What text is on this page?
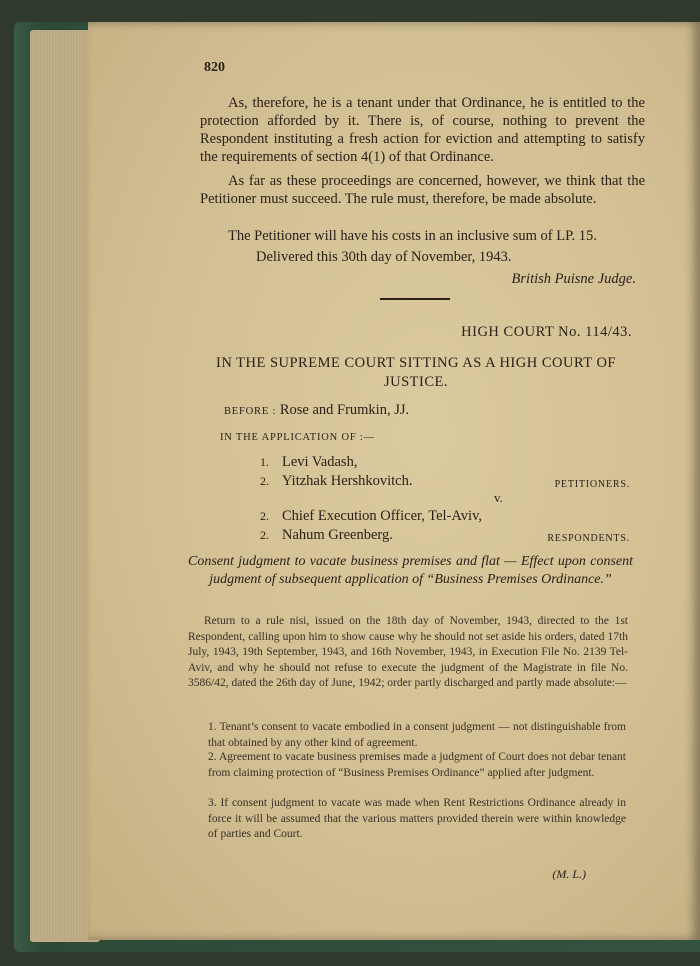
820

As, therefore, he is a tenant under that Ordinance, he is entitled to the protection afforded by it. There is, of course, nothing to prevent the Respondent instituting a fresh action for eviction and attempting to satisfy the requirements of section 4(1) of that Ordinance.

As far as these proceedings are concerned, however, we think that the Petitioner must succeed. The rule must, therefore, be made absolute.

The Petitioner will have his costs in an inclusive sum of LP. 15.

Delivered this 30th day of November, 1943.

British Puisne Judge.
HIGH COURT No. 114/43.
IN THE SUPREME COURT SITTING AS A HIGH COURT OF JUSTICE.
BEFORE : Rose and Frumkin, JJ.
IN THE APPLICATION OF :—
1. Levi Vadash,
2. Yitzhak Hershkovitch.	PETITIONERS.
v.
2. Chief Execution Officer, Tel-Aviv,
2. Nahum Greenberg.	RESPONDENTS.

Consent judgment to vacate business premises and flat — Effect upon consent judgment of subsequent application of “Business Premises Ordinance.”

Return to a rule nisi, issued on the 18th day of November, 1943, directed to the 1st Respondent, calling upon him to show cause why he should not set aside his orders, dated 17th July, 1943, 19th September, 1943, and 16th November, 1943, in Execution File No. 2139 Tel-Aviv, and why he should not refuse to execute the judgment of the Magistrate in file No. 3586/42, dated the 26th day of June, 1942; order partly discharged and partly made absolute:—

1. Tenant’s consent to vacate embodied in a consent judgment — not distinguishable from that obtained by any other kind of agreement.

2. Agreement to vacate business premises made a judgment of Court does not debar tenant from claiming protection of “Business Premises Ordinance” applied after judgment.

3. If consent judgment to vacate was made when Rent Restrictions Ordinance already in force it will be assumed that the various matters provided therein were within knowledge of parties and Court.

(M. L.)
